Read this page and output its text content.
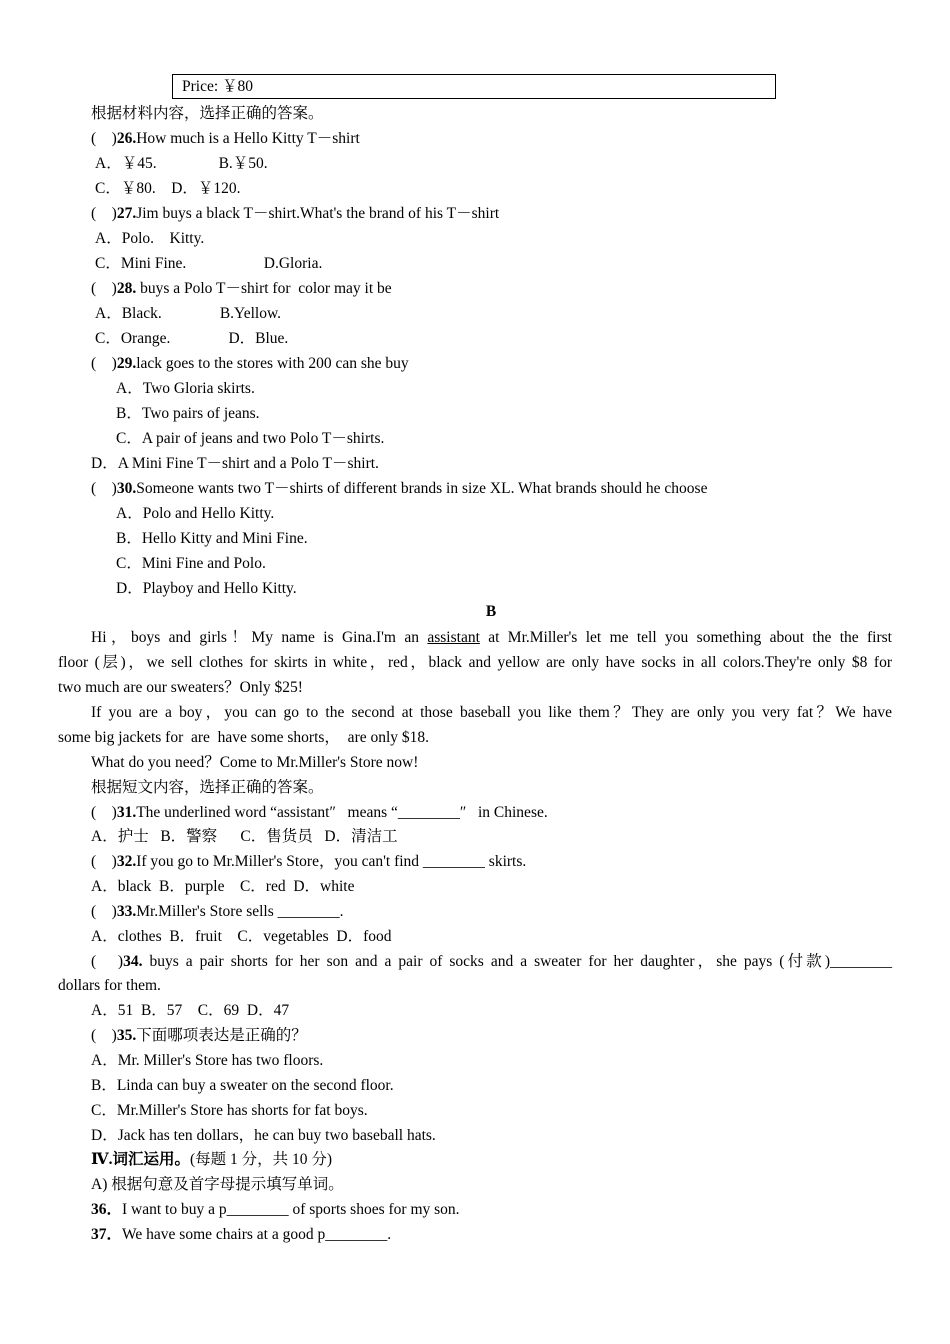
Price: ￥80
根据材料内容，选择正确的答案。
(　)26.How much is a Hello Kitty T－shirt
A．￥45.                B.￥50.
C．￥80.    D．￥120.
(　)27.Jim buys a black T－shirt.What's the brand of his T－shirt
A．Polo.    Kitty.
C．Mini Fine.                    D.Gloria.
(　)28. buys a Polo T－shirt for  color may it be
A．Black.               B.Yellow.
C．Orange.               D．Blue.
(　)29.lack goes to the stores with 200 can she buy
A．Two Gloria skirts.
B．Two pairs of jeans.
C．A pair of jeans and two Polo T－shirts.
D．A Mini Fine T－shirt and a Polo T－shirt.
(　)30.Someone wants two T－shirts of different brands in size XL. What brands should he choose
A．Polo and Hello Kitty.
B．Hello Kitty and Mini Fine.
C．Mini Fine and Polo.
D．Playboy and Hello Kitty.
B
Hi，boys and girls！My name is Gina.I'm an assistant at Mr.Miller's let me tell you something about the the first
floor (层)，we sell clothes for skirts in white，red，black and yellow are only have socks in all colors.They're only $8 for
two much are our sweaters？Only $25!
If you are a boy，you can go to the second at those baseball you like them？They are only you very fat？We have
some big jackets for  are  have some shorts，  are only $18.
What do you need？Come to Mr.Miller's Store now!
根据短文内容，选择正确的答案。
(　)31.The underlined word “assistant″   means “________″   in Chinese.
A．护士   B．警察      C．售货员   D．清洁工
(　)32.If you go to Mr.Miller's Store，you can't find ________ skirts.
A．black  B．purple    C．red  D．white
(　)33.Mr.Miller's Store sells ________.
A．clothes  B．fruit    C．vegetables  D．food
(　)34. buys a pair shorts for her son and a pair of socks and a sweater for her daughter，she pays (付款)________
dollars for them.
A．51  B．57    C．69  D．47
(　)35.下面哪项表达是正确的？
A．Mr. Miller's Store has two floors.
B．Linda can buy a sweater on the second floor.
C．Mr.Miller's Store has shorts for fat boys.
D．Jack has ten dollars，he can buy two baseball hats.
Ⅳ.词汇运用。(每题 1 分，共 10 分)
A) 根据句意及首字母提示填写单词。
36．I want to buy a p________ of sports shoes for my son.
37．We have some chairs at a good p________.
